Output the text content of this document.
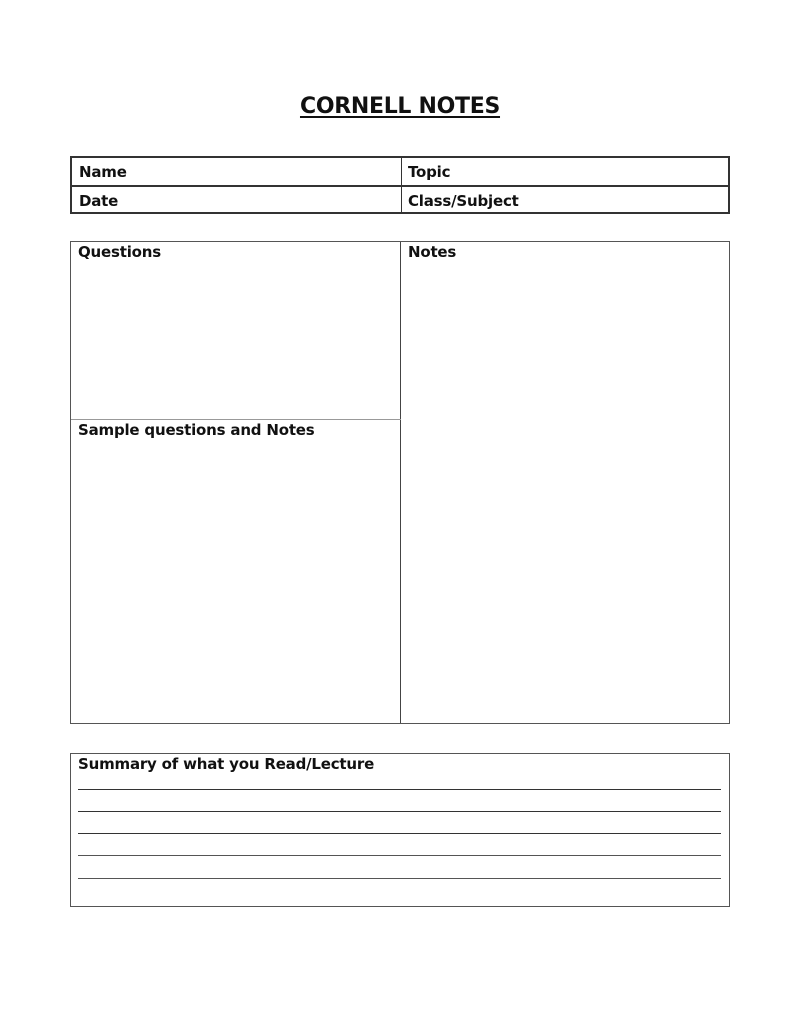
CORNELL NOTES
Name	Topic
Date	Class/Subject
Questions	Notes
Sample questions and Notes
Summary of what you Read/Lecture
